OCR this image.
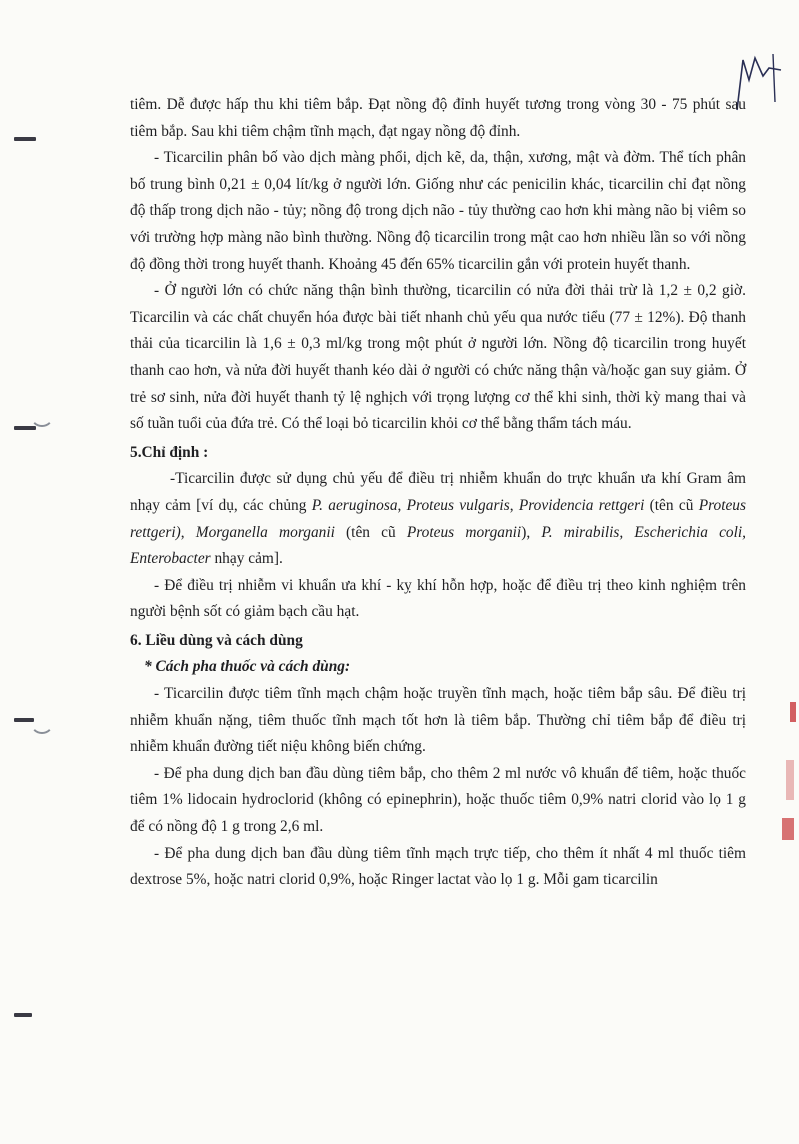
tiêm. Dễ được hấp thu khi tiêm bắp. Đạt nồng độ đỉnh huyết tương trong vòng 30 - 75 phút sau tiêm bắp. Sau khi tiêm chậm tĩnh mạch, đạt ngay nồng độ đỉnh.

- Ticarcilin phân bố vào dịch màng phổi, dịch kẽ, da, thận, xương, mật và đờm. Thể tích phân bố trung bình 0,21 ± 0,04 lít/kg ở người lớn. Giống như các penicilin khác, ticarcilin chỉ đạt nồng độ thấp trong dịch não - tủy; nồng độ trong dịch não - tủy thường cao hơn khi màng não bị viêm so với trường hợp màng não bình thường. Nồng độ ticarcilin trong mật cao hơn nhiều lần so với nồng độ đồng thời trong huyết thanh. Khoảng 45 đến 65% ticarcilin gắn với protein huyết thanh.

- Ở người lớn có chức năng thận bình thường, ticarcilin có nửa đời thải trừ là 1,2 ± 0,2 giờ. Ticarcilin và các chất chuyển hóa được bài tiết nhanh chủ yếu qua nước tiểu (77 ± 12%). Độ thanh thải của ticarcilin là 1,6 ± 0,3 ml/kg trong một phút ở người lớn. Nồng độ ticarcilin trong huyết thanh cao hơn, và nửa đời huyết thanh kéo dài ở người có chức năng thận và/hoặc gan suy giảm. Ở trẻ sơ sinh, nửa đời huyết thanh tỷ lệ nghịch với trọng lượng cơ thể khi sinh, thời kỳ mang thai và số tuần tuổi của đứa trẻ. Có thể loại bỏ ticarcilin khỏi cơ thể bằng thẩm tách máu.

5.Chỉ định :

-Ticarcilin được sử dụng chủ yếu để điều trị nhiễm khuẩn do trực khuẩn ưa khí Gram âm nhạy cảm [ví dụ, các chủng P. aeruginosa, Proteus vulgaris, Providencia rettgeri (tên cũ Proteus rettgeri), Morganella morganii (tên cũ Proteus morganii), P. mirabilis, Escherichia coli, Enterobacter nhạy cảm].

- Để điều trị nhiễm vi khuẩn ưa khí - kỵ khí hỗn hợp, hoặc để điều trị theo kinh nghiệm trên người bệnh sốt có giảm bạch cầu hạt.

6. Liều dùng và cách dùng

* Cách pha thuốc và cách dùng:

- Ticarcilin được tiêm tĩnh mạch chậm hoặc truyền tĩnh mạch, hoặc tiêm bắp sâu. Để điều trị nhiễm khuẩn nặng, tiêm thuốc tĩnh mạch tốt hơn là tiêm bắp. Thường chỉ tiêm bắp để điều trị nhiễm khuẩn đường tiết niệu không biến chứng.

- Để pha dung dịch ban đầu dùng tiêm bắp, cho thêm 2 ml nước vô khuẩn để tiêm, hoặc thuốc tiêm 1% lidocain hydroclorid (không có epinephrin), hoặc thuốc tiêm 0,9% natri clorid vào lọ 1 g để có nồng độ 1 g trong 2,6 ml.

- Để pha dung dịch ban đầu dùng tiêm tĩnh mạch trực tiếp, cho thêm ít nhất 4 ml thuốc tiêm dextrose 5%, hoặc natri clorid 0,9%, hoặc Ringer lactat vào lọ 1 g. Mỗi gam ticarcilin
